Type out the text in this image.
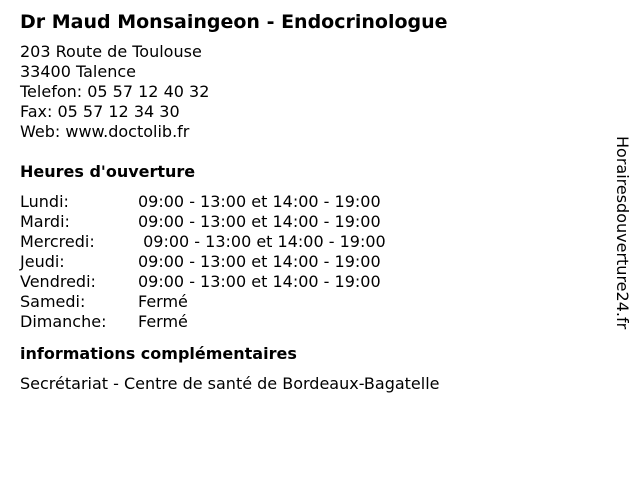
Dr Maud Monsaingeon - Endocrinologue
203 Route de Toulouse
33400 Talence
Telefon: 05 57 12 40 32
Fax: 05 57 12 34 30
Web: www.doctolib.fr
Heures d'ouverture
Lundi:	09:00 - 13:00 et 14:00 - 19:00
Mardi:	09:00 - 13:00 et 14:00 - 19:00
Mercredi:	09:00 - 13:00 et 14:00 - 19:00
Jeudi:	09:00 - 13:00 et 14:00 - 19:00
Vendredi:	09:00 - 13:00 et 14:00 - 19:00
Samedi:	Fermé
Dimanche:	Fermé
informations complémentaires
Secrétariat - Centre de santé de Bordeaux-Bagatelle
Horairesdouverture24.fr
